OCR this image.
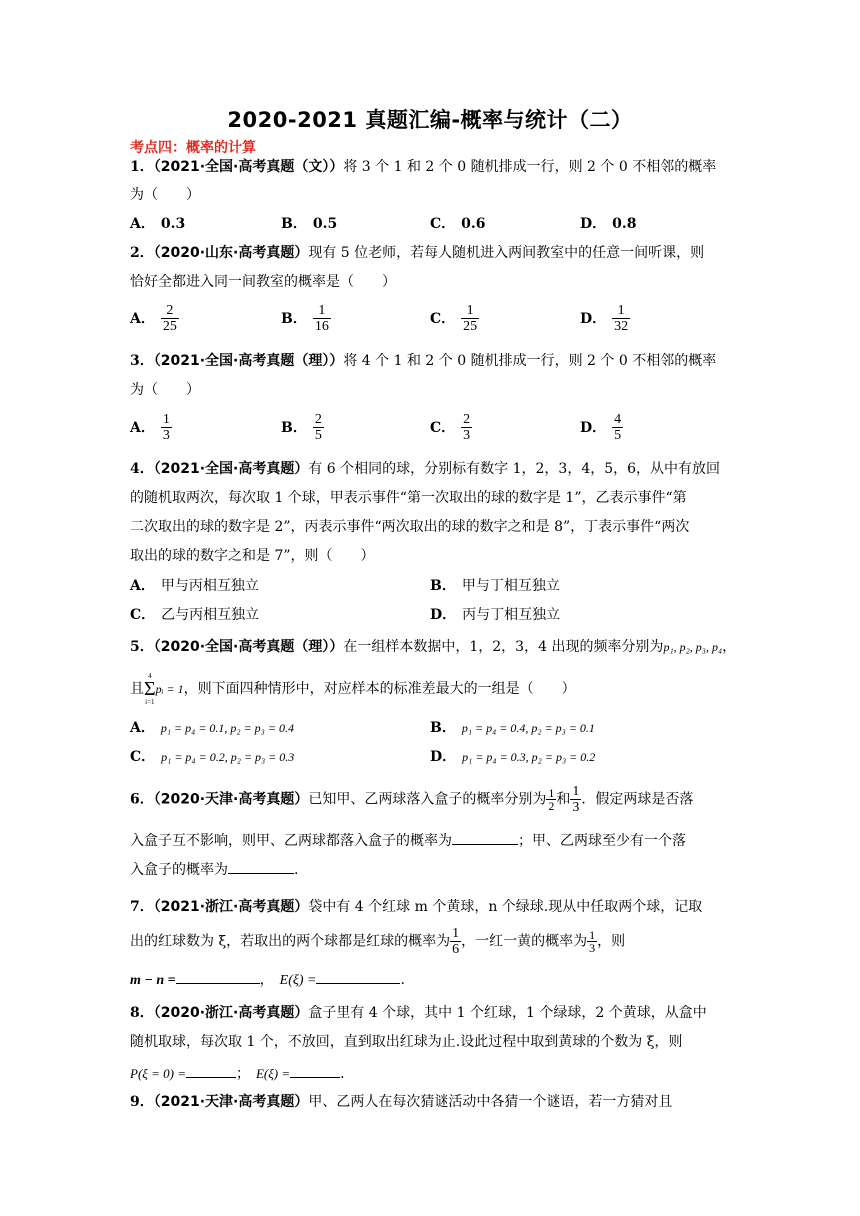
2020-2021 真题汇编-概率与统计（二）
考点四：概率的计算
1．（2021·全国·高考真题（文））将 3 个 1 和 2 个 0 随机排成一行，则 2 个 0 不相邻的概率
为（　　）
A． 0.3	B． 0.5	C． 0.6	D． 0.8
2．（2020·山东·高考真题）现有 5 位老师，若每人随机进入两间教室中的任意一间听课，则
恰好全都进入同一间教室的概率是（　　）
A． $\frac{2}{25}$	B． $\frac{1}{16}$	C． $\frac{1}{25}$	D． $\frac{1}{32}$
3．（2021·全国·高考真题（理））将 4 个 1 和 2 个 0 随机排成一行，则 2 个 0 不相邻的概率
为（　　）
A． $\frac{1}{3}$	B． $\frac{2}{5}$	C． $\frac{2}{3}$	D． $\frac{4}{5}$
4．（2021·全国·高考真题）有 6 个相同的球，分别标有数字 1，2，3，4，5，6，从中有放回
的随机取两次，每次取 1 个球，甲表示事件“第一次取出的球的数字是 1”，乙表示事件“第
二次取出的球的数字是 2”，丙表示事件“两次取出的球的数字之和是 8”，丁表示事件“两次
取出的球的数字之和是 7”，则（　　）
A． 甲与丙相互独立	B． 甲与丁相互独立
C． 乙与丙相互独立	D． 丙与丁相互独立
5．（2020·全国·高考真题（理））在一组样本数据中，1，2，3，4 出现的频率分别为p₁, p₂, p₃, p₄，
且
4
Σ
i=1
pᵢ = 1，则下面四种情形中，对应样本的标准差最大的一组是（　　）
A． p₁ = p₄ = 0.1, p₂ = p₃ = 0.4	B． p₁ = p₄ = 0.4, p₂ = p₃ = 0.1
C． p₁ = p₄ = 0.2, p₂ = p₃ = 0.3	D． p₁ = p₄ = 0.3, p₂ = p₃ = 0.2
6．（2020·天津·高考真题）已知甲、乙两球落入盒子的概率分别为 $\frac{1}{2}$ 和 $\frac{1}{3}$ ．假定两球是否落
入盒子互不影响，则甲、乙两球都落入盒子的概率为	；甲、乙两球至少有一个落
入盒子的概率为	.
7．（2021·浙江·高考真题）袋中有 4 个红球 m 个黄球，n 个绿球.现从中任取两个球，记取
出的红球数为 ξ，若取出的两个球都是红球的概率为 $\frac{1}{6}$ ，一红一黄的概率为 $\frac{1}{3}$ ，则
m − n =	， E(ξ) =	.
8．（2020·浙江·高考真题）盒子里有 4 个球，其中 1 个红球，1 个绿球，2 个黄球，从盒中
随机取球，每次取 1 个，不放回，直到取出红球为止.设此过程中取到黄球的个数为 ξ，则
P(ξ = 0) =	； E(ξ) =	.
9．（2021·天津·高考真题）甲、乙两人在每次猜谜活动中各猜一个谜语，若一方猜对且
